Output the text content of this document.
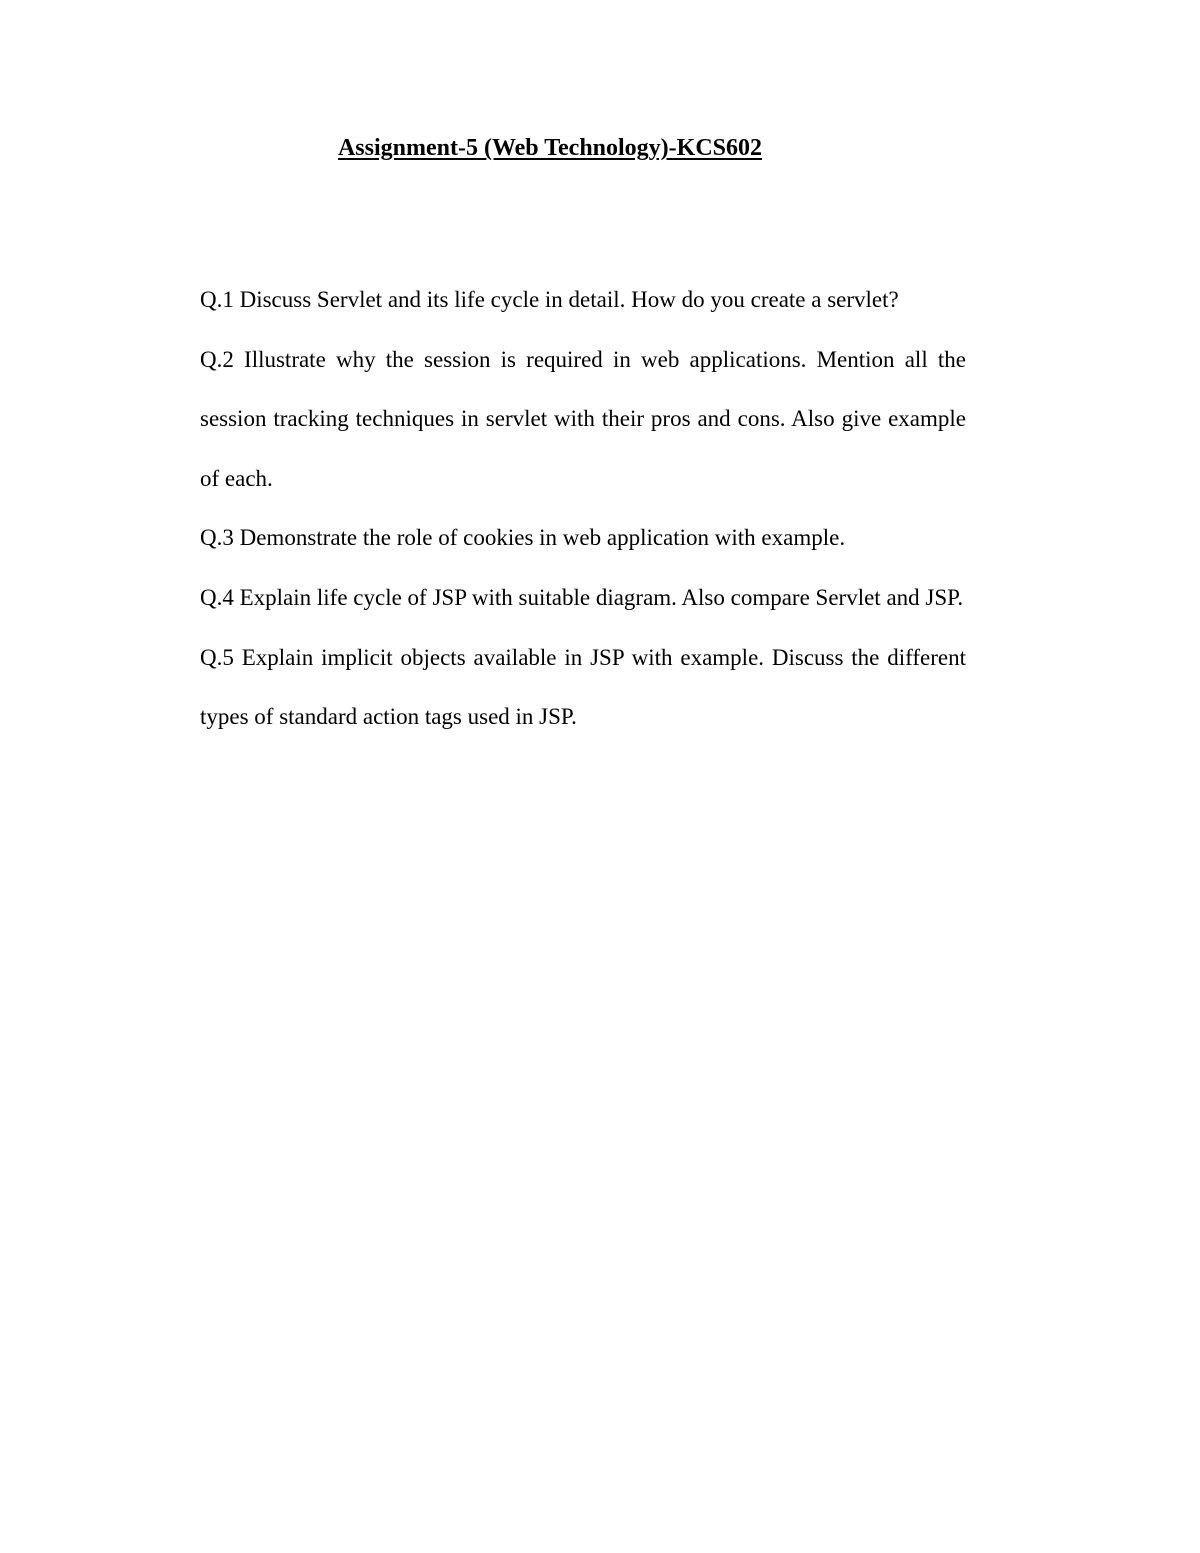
Assignment-5 (Web Technology)-KCS602

Q.1 Discuss Servlet and its life cycle in detail. How do you create a servlet?

Q.2 Illustrate why the session is required in web applications. Mention all the session tracking techniques in servlet with their pros and cons. Also give example of each.

Q.3 Demonstrate the role of cookies in web application with example.

Q.4 Explain life cycle of JSP with suitable diagram. Also compare Servlet and JSP.

Q.5 Explain implicit objects available in JSP with example. Discuss the different types of standard action tags used in JSP.
